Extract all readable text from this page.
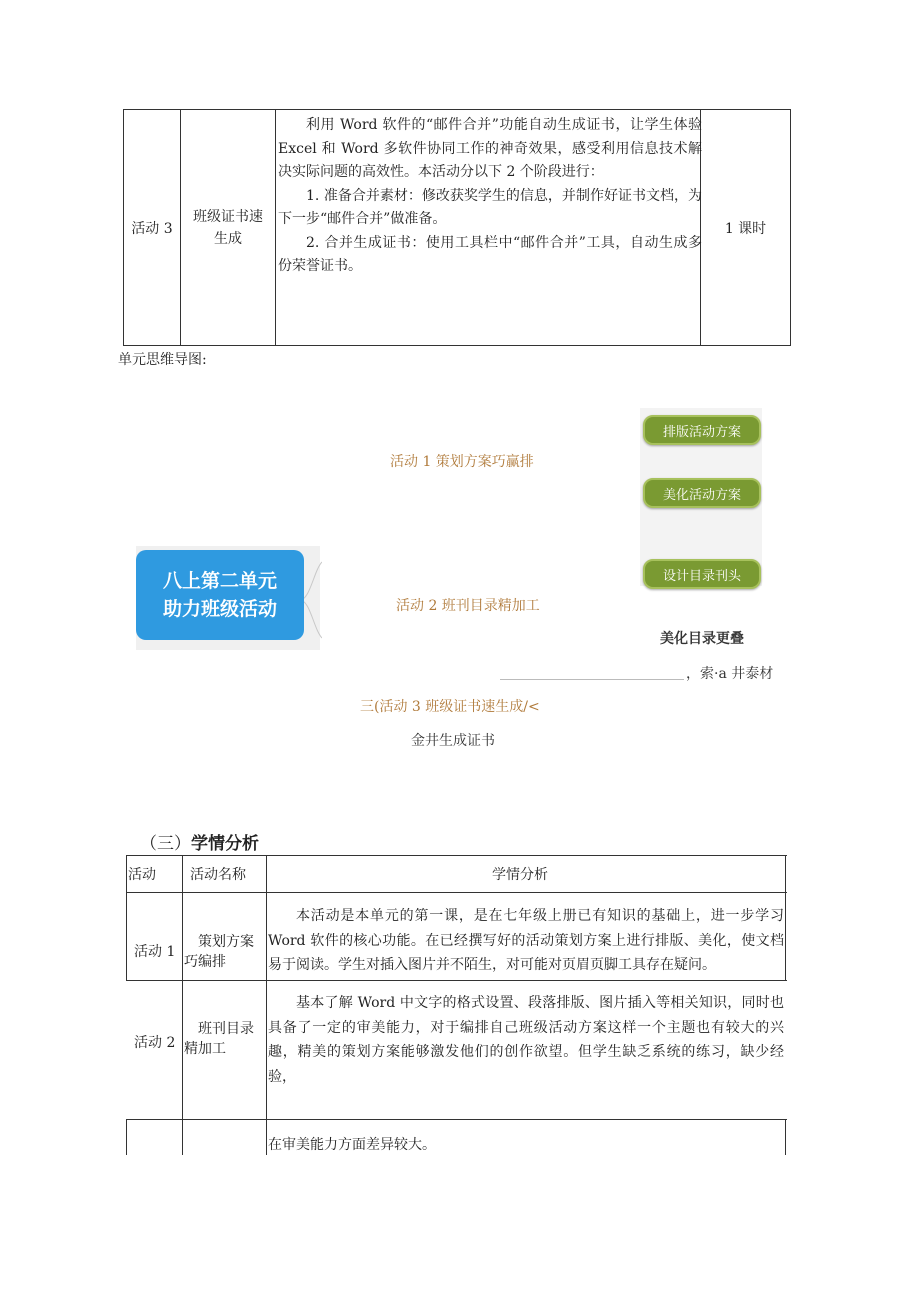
活动 3
班级证书速
生成

利用 Word 软件的“邮件合并”功能自动生成证书，让学生体验 Excel 和 Word 多软件协同工作的神奇效果，感受利用信息技术解决实际问题的高效性。本活动分以下 2 个阶段进行：

1. 准备合并素材：修改获奖学生的信息，并制作好证书文档，为下一步“邮件合并”做准备。

2. 合并生成证书：使用工具栏中“邮件合并”工具，自动生成多份荣誉证书。

1 课时
单元思维导图:
排版活动方案
美化活动方案
设计目录刊头
活动 1 策划方案巧赢排
活动 2 班刊目录精加工
八上第二单元
助力班级活动
美化目录更叠
，索·a 井泰材
三(活动 3 班级证书速生成/<
金井生成证书
（三）学情分析
活动 活动名称	学情分析
活动 1
策划方案
巧编排
本活动是本单元的第一课，是在七年级上册已有知识的基础上，进一步学习 Word 软件的核心功能。在已经撰写好的活动策划方案上进行排版、美化，使文档易于阅读。学生对插入图片并不陌生，对可能对页眉页脚工具存在疑问。
活动 2
班刊目录
精加工
基本了解 Word 中文字的格式设置、段落排版、图片插入等相关知识，同时也具备了一定的审美能力，对于编排自己班级活动方案这样一个主题也有较大的兴趣，精美的策划方案能够激发他们的创作欲望。但学生缺乏系统的练习，缺少经验，
在审美能力方面差异较大。
